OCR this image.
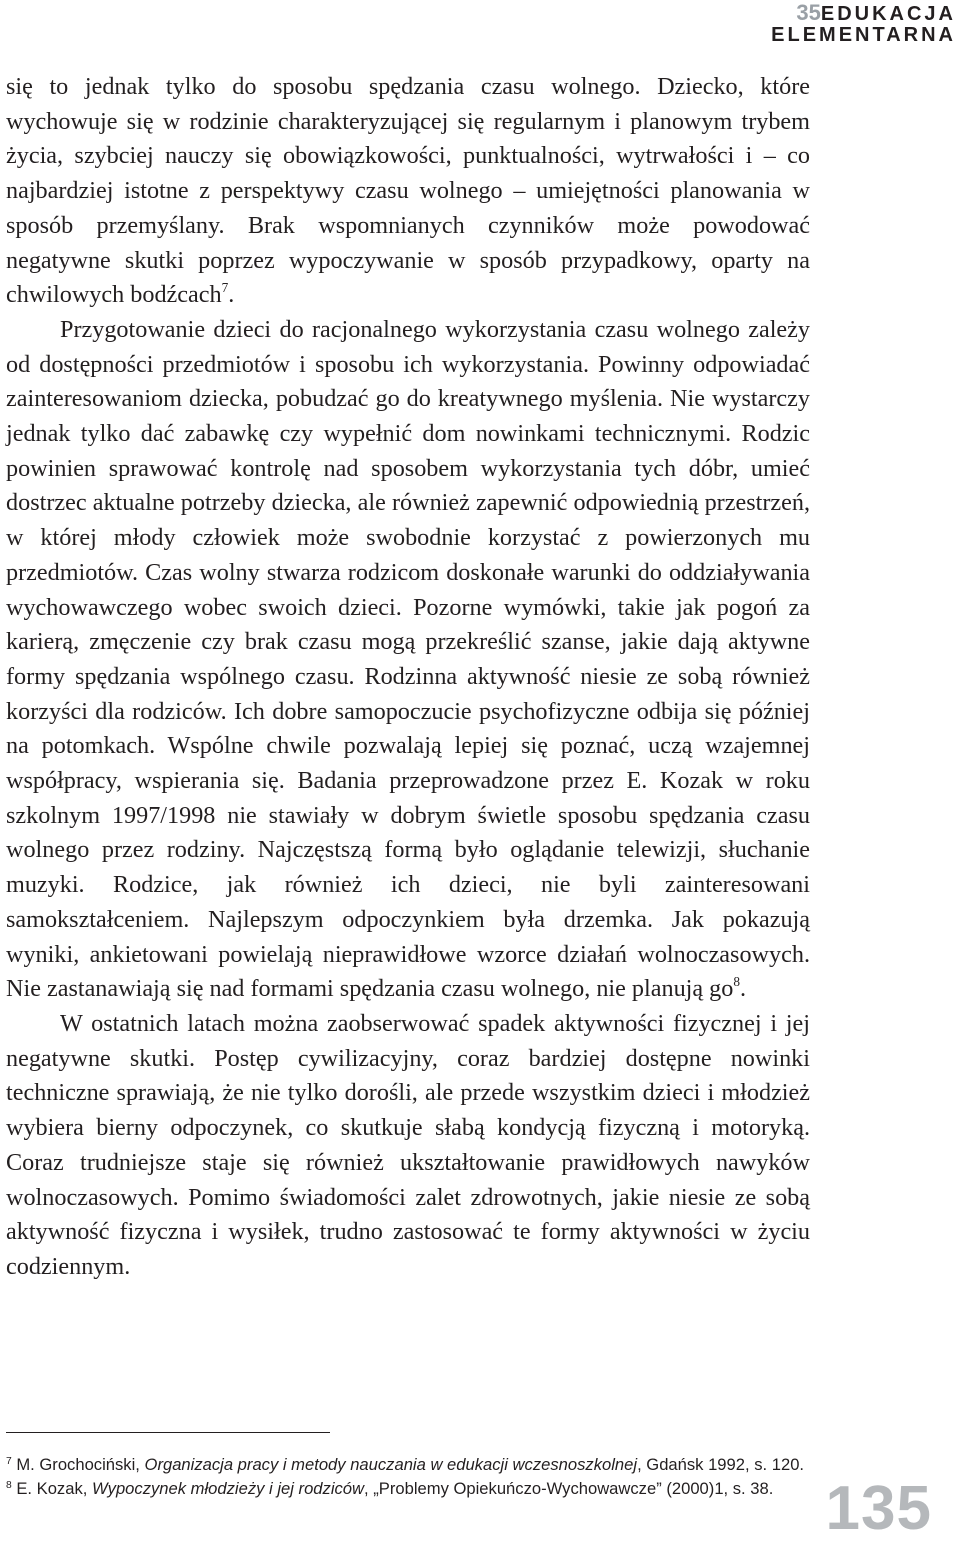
35EDUKACJA
ELEMENTARNA

się to jednak tylko do sposobu spędzania czasu wolnego. Dziecko, które wychowuje się w rodzinie charakteryzującej się regularnym i planowym trybem życia, szybciej nauczy się obowiązkowości, punktualności, wytrwałości i – co najbardziej istotne z perspektywy czasu wolnego – umiejętności planowania w sposób przemyślany. Brak wspomnianych czynników może powodować negatywne skutki poprzez wypoczywanie w sposób przypadkowy, oparty na chwilowych bodźcach$^7$.

Przygotowanie dzieci do racjonalnego wykorzystania czasu wolnego zależy od dostępności przedmiotów i sposobu ich wykorzystania. Powinny odpowiadać zainteresowaniom dziecka, pobudzać go do kreatywnego myślenia. Nie wystarczy jednak tylko dać zabawkę czy wypełnić dom nowinkami technicznymi. Rodzic powinien sprawować kontrolę nad sposobem wykorzystania tych dóbr, umieć dostrzec aktualne potrzeby dziecka, ale również zapewnić odpowiednią przestrzeń, w której młody człowiek może swobodnie korzystać z powierzonych mu przedmiotów. Czas wolny stwarza rodzicom doskonałe warunki do oddziaływania wychowawczego wobec swoich dzieci. Pozorne wymówki, takie jak pogoń za karierą, zmęczenie czy brak czasu mogą przekreślić szanse, jakie dają aktywne formy spędzania wspólnego czasu. Rodzinna aktywność niesie ze sobą również korzyści dla rodziców. Ich dobre samopoczucie psychofizyczne odbija się później na potomkach. Wspólne chwile pozwalają lepiej się poznać, uczą wzajemnej współpracy, wspierania się. Badania przeprowadzone przez E. Kozak w roku szkolnym 1997/1998 nie stawiały w dobrym świetle sposobu spędzania czasu wolnego przez rodziny. Najczęstszą formą było oglądanie telewizji, słuchanie muzyki. Rodzice, jak również ich dzieci, nie byli zainteresowani samokształceniem. Najlepszym odpoczynkiem była drzemka. Jak pokazują wyniki, ankietowani powielają nieprawidłowe wzorce działań wolnoczasowych. Nie zastanawiają się nad formami spędzania czasu wolnego, nie planują $go^8$.

W ostatnich latach można zaobserwować spadek aktywności fizycznej i jej negatywne skutki. Postęp cywilizacyjny, coraz bardziej dostępne nowinki techniczne sprawiają, że nie tylko dorośli, ale przede wszystkim dzieci i młodzież wybiera bierny odpoczynek, co skutkuje słabą kondycją fizyczną i motoryką. Coraz trudniejsze staje się również ukształtowanie prawidłowych nawyków wolnoczasowych. Pomimo świadomości zalet zdrowotnych, jakie niesie ze sobą aktywność fizyczna i wysiłek, trudno zastosować te formy aktywności w życiu codziennym.

$^7$ M. Grochociński, Organizacja pracy i metody nauczania w edukacji wczesnoszkolnej, Gdańsk 1992, s. 120.

$^8$ E. Kozak, Wypoczynek młodzieży i jej rodziców, „Problemy Opiekuńczo-Wychowawcze” (2000)1, s. 38. 135
